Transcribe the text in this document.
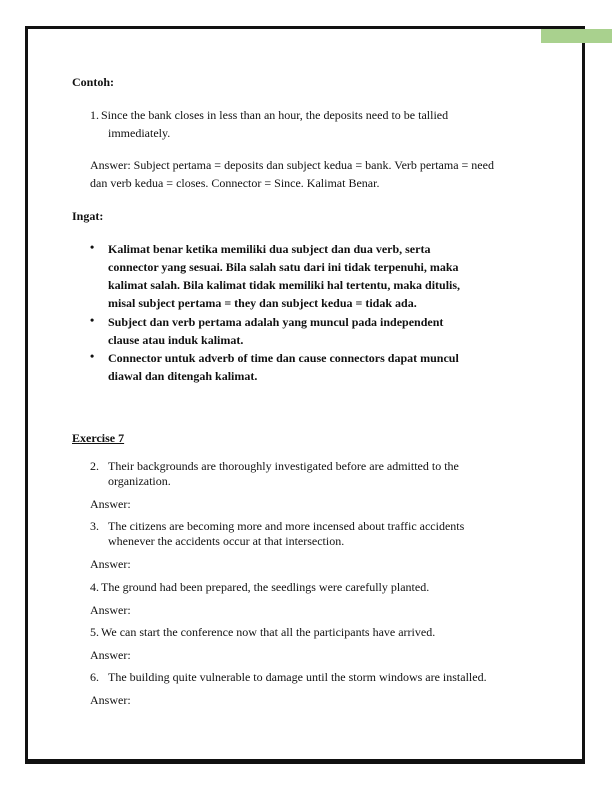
Contoh:
1. Since the bank closes in less than an hour, the deposits need to be tallied
immediately.
Answer: Subject pertama = deposits dan subject kedua = bank. Verb pertama = need
dan verb kedua = closes. Connector = Since. Kalimat Benar.
Ingat:
• Kalimat benar ketika memiliki dua subject dan dua verb, serta
connector yang sesuai. Bila salah satu dari ini tidak terpenuhi, maka
kalimat salah. Bila kalimat tidak memiliki hal tertentu, maka ditulis,
misal subject pertama = they dan subject kedua = tidak ada.
• Subject dan verb pertama adalah yang muncul pada independent
clause atau induk kalimat.
• Connector untuk adverb of time dan cause connectors dapat muncul
diawal dan ditengah kalimat.
Exercise 7
2. Their backgrounds are thoroughly investigated before are admitted to the
organization.
Answer:
3. The citizens are becoming more and more incensed about traffic accidents
whenever the accidents occur at that intersection.
Answer:
4. The ground had been prepared, the seedlings were carefully planted.
Answer:
5. We can start the conference now that all the participants have arrived.
Answer:
6. The building quite vulnerable to damage until the storm windows are installed.
Answer:
